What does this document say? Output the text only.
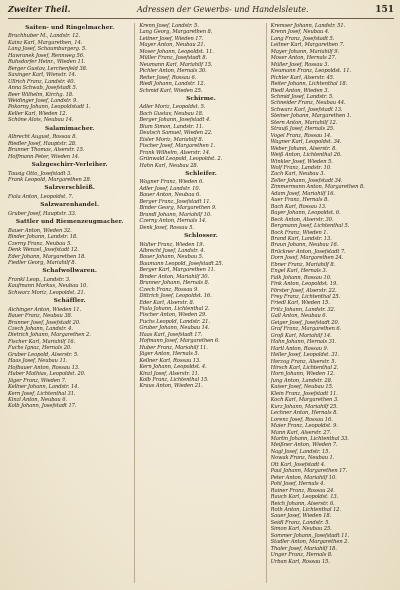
Zweiter Theil.	Adressen der Gewerbs- und Handelsleute.	151
Saiten- und Ringelmacher.
Bruchhuber M., Landstr. 12.
Kainz Karl, Margarethen, 14.
Lang Josef, Schaumburgerg. 5.
Hawranek Josef, Rennweg 56.
Ruhsdorfer Heinr., Wieden 11.
Berger Gustav, Lerchenfeld 38.
Saxinger Karl, Wienstr. 14.
Ullrich Franz, Landstr. 40.
Anna Schwab, Josefstadt 5.
Beer Wilhelm, Kirchg. 18.
Weidinger Josef, Landstr. 9.
Pokorny Johann, Leopoldstadt 1.
Keller Karl, Wieden 12.
Schöne Alois, Neubau 14.
Salamimacher.
Albrecht August, Rossau 8.
Riedler Josef, Hauptstr. 28.
Brunner Thomas, Alserstr. 15.
Hoffmann Peter, Wieden 14.
Salzgeschirr-Verleiher.
Tausig Otto, Josefstadt 3.
Frank Leopold, Margarethen 28.
Salzverschleiß.
Fiala Anton, Leopoldst. 7.
Salzwarenhandel.
Gruber Josef, Hauptstr. 33.
Sattler und Riemenzeugmacher.
Bauer Anton, Wieden 32.
Binder Johann, Landstr. 18.
Czerny Franz, Neubau 5.
Denk Wenzel, Josefstadt 12.
Eder Johann, Margarethen 18.
Fiedler Georg, Mariahilf 8.
Schafwollwaren.
Frankl Leop., Landstr. 3.
Kaufmann Markus, Neubau 10.
Schwarz Moriz, Leopoldst. 21.
Schäffler.
Aichinger Anton, Wieden 11.
Bauer Franz, Neubau 38.
Brunner Josef, Josefstadt 20.
Czech Johann, Landstr. 4.
Dietrich Johann, Margarethen 2.
Fischer Karl, Mariahilf 16.
Fuchs Ignaz, Hernals 20.
Gruber Leopold, Alserstr. 5.
Haas Josef, Neubau 11.
Hofbauer Anton, Rossau 13.
Huber Mathias, Leopoldst. 20.
Jäger Franz, Wieden 7.
Kellner Johann, Landstr. 14.
Kern Josef, Lichtenthal 31.
Kinzl Anton, Neubau 6.
Kolb Johann, Josefstadt 17.
Krenn Josef, Landstr. 5.
Lang Georg, Margarethen 8.
Leitner Josef, Wieden 17.
Mayer Anton, Neubau 21.
Moser Johann, Leopoldst. 11.
Müller Franz, Josefstadt 8.
Neumann Karl, Mariahilf 15.
Pichler Anton, Hernals 30.
Reiter Josef, Rossau 6.
Riedl Johann, Landstr. 12.
Schmid Karl, Wieden 25.
Schirme.
Adler Moriz, Leopoldst. 5.
Bach Gustav, Neubau 18.
Berger Johann, Josefstadt 4.
Blum Simon, Landstr. 11.
Deutsch Samuel, Wieden 22.
Eisler Moriz, Mariahilf 8.
Fischer Josef, Margarethen 1.
Frank Wilhelm, Alserstr. 14.
Grünwald Leopold, Leopoldst. 2.
Hahn Karl, Neubau 28.
Schleifer.
Wagner Franz, Wieden 6.
Adler Josef, Landstr. 10.
Bauer Anton, Neubau 6.
Berger Franz, Josefstadt 11.
Binder Georg, Margarethen 9.
Brandl Johann, Mariahilf 10.
Czerny Anton, Hernals 14.
Denk Josef, Rossau 5.
Schlosser.
Walter Franz, Wieden 19.
Albrecht Josef, Landstr. 4.
Bauer Johann, Neubau 5.
Baumann Leopold, Josefstadt 25.
Berger Karl, Margarethen 11.
Binder Anton, Mariahilf 30.
Brunner Johann, Hernals 8.
Czech Franz, Rossau 9.
Dittrich Josef, Leopoldst. 16.
Eder Karl, Alserstr. 8.
Fiala Johann, Lichtenthal 2.
Fischer Anton, Wieden 29.
Fuchs Leopold, Landstr. 21.
Gruber Johann, Neubau 14.
Haas Karl, Josefstadt 17.
Hofmann Josef, Margarethen 6.
Huber Franz, Mariahilf 11.
Jäger Anton, Hernals 5.
Kellner Karl, Rossau 13.
Kern Johann, Leopoldst. 4.
Kinzl Josef, Alserstr. 11.
Kolb Franz, Lichtenthal 15.
Kraus Anton, Wieden 21.
Kremser Johann, Landstr. 51.
Krenn Josef, Neubau 4.
Lang Franz, Josefstadt 5.
Leitner Karl, Margarethen 7.
Mayer Johann, Mariahilf 9.
Moser Anton, Hernals 27.
Müller Josef, Rossau 3.
Neumann Franz, Leopoldst. 11.
Pichler Karl, Alserstr. 45.
Reiter Johann, Lichtenthal 18.
Riedl Anton, Wieden 3.
Schmid Josef, Landstr. 5.
Schneider Franz, Neubau 44.
Schwarz Karl, Josefstadt 13.
Steiner Johann, Margarethen 1.
Stern Anton, Mariahilf 12.
Strauß Josef, Hernals 25.
Vogel Franz, Rossau 14.
Wagner Karl, Leopoldst. 34.
Weber Johann, Alserstr. 8.
Weiß Anton, Lichtenthal 26.
Winkler Josef, Wieden 5.
Wolf Franz, Landstr. 10.
Zach Karl, Neubau 3.
Zeller Johann, Josefstadt 34.
Zimmermann Anton, Margarethen 8.
Adam Josef, Mariahilf 16.
Auer Franz, Hernals 8.
Bach Karl, Rossau 13.
Bayer Johann, Leopoldst. 6.
Beck Anton, Alserstr. 30.
Bergmann Josef, Lichtenthal 5.
Bock Franz, Wieden 1.
Brand Karl, Landstr. 13.
Braun Johann, Neubau 16.
Brückner Anton, Josefstadt 7.
Dorn Josef, Margarethen 24.
Ebner Franz, Mariahilf 8.
Engel Karl, Hernals 3.
Falk Johann, Rossau 10.
Fink Anton, Leopoldst. 19.
Förster Josef, Alserstr. 22.
Frey Franz, Lichtenthal 25.
Friedl Karl, Wieden 15.
Fritz Johann, Landstr. 32.
Gall Anton, Neubau 6.
Geiger Josef, Josefstadt 20.
Graf Franz, Margarethen 6.
Groß Karl, Mariahilf 14.
Hahn Johann, Hernals 31.
Hartl Anton, Rossau 9.
Heller Josef, Leopoldst. 31.
Herzog Franz, Alserstr. 5.
Hirsch Karl, Lichtenthal 2.
Horn Johann, Wieden 12.
Jung Anton, Landstr. 28.
Kaiser Josef, Neubau 15.
Klein Franz, Josefstadt 11.
Koch Karl, Margarethen 3.
Kurz Johann, Mariahilf 25.
Lechner Anton, Hernals 8.
Lorenz Josef, Rossau 16.
Maier Franz, Leopoldst. 9.
Mann Karl, Alserstr. 27.
Martin Johann, Lichtenthal 33.
Meißner Anton, Wieden 7.
Nagl Josef, Landstr. 15.
Nowak Franz, Neubau 1.
Ott Karl, Josefstadt 4.
Paul Johann, Margarethen 17.
Peter Anton, Mariahilf 10.
Pohl Josef, Hernals 4.
Rainer Franz, Rossau 24.
Rauch Karl, Leopoldst. 13.
Reich Johann, Alserstr. 6.
Roth Anton, Lichtenthal 12.
Sauer Josef, Wieden 18.
Seidl Franz, Landstr. 5.
Simon Karl, Neubau 25.
Sommer Johann, Josefstadt 11.
Stadler Anton, Margarethen 2.
Thaler Josef, Mariahilf 18.
Unger Franz, Hernals 8.
Urban Karl, Rossau 15.
